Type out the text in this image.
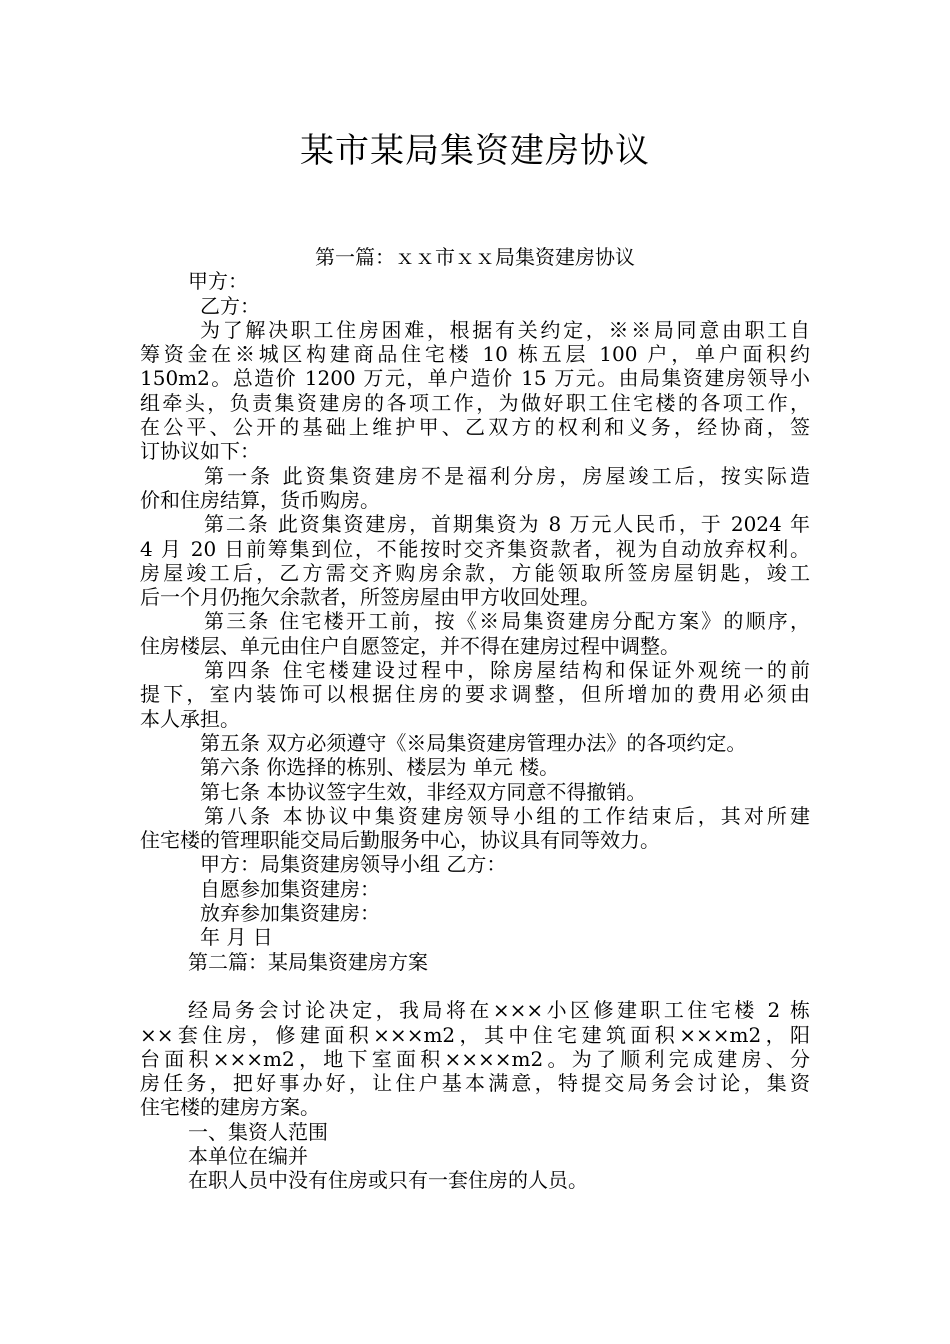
某市某局集资建房协议
第一篇：ｘｘ市ｘｘ局集资建房协议
甲方：
乙方：
为了解决职工住房困难，根据有关约定，※※局同意由职工自
筹资金在※城区构建商品住宅楼 10 栋五层 100 户，单户面积约
150m2。总造价 1200 万元，单户造价 15 万元。由局集资建房领导小
组牵头，负责集资建房的各项工作，为做好职工住宅楼的各项工作，
在公平、公开的基础上维护甲、乙双方的权利和义务，经协商，签
订协议如下：
第一条 此资集资建房不是福利分房，房屋竣工后，按实际造
价和住房结算，货币购房。
第二条 此资集资建房，首期集资为 8 万元人民币，于 2024 年
4 月 20 日前筹集到位，不能按时交齐集资款者，视为自动放弃权利。
房屋竣工后，乙方需交齐购房余款，方能领取所签房屋钥匙，竣工
后一个月仍拖欠余款者，所签房屋由甲方收回处理。
第三条 住宅楼开工前，按《※局集资建房分配方案》的顺序，
住房楼层、单元由住户自愿签定，并不得在建房过程中调整。
第四条 住宅楼建设过程中，除房屋结构和保证外观统一的前
提下，室内装饰可以根据住房的要求调整，但所增加的费用必须由
本人承担。
第五条 双方必须遵守《※局集资建房管理办法》的各项约定。
第六条 你选择的栋别、楼层为 单元 楼。
第七条 本协议签字生效，非经双方同意不得撤销。
第八条 本协议中集资建房领导小组的工作结束后，其对所建
住宅楼的管理职能交局后勤服务中心，协议具有同等效力。
甲方：局集资建房领导小组 乙方：
自愿参加集资建房：
放弃参加集资建房：
年 月 日
第二篇：某局集资建房方案
经局务会讨论决定，我局将在×××小区修建职工住宅楼 2 栋
××套住房，修建面积×××m2，其中住宅建筑面积×××m2，阳
台面积×××m2，地下室面积××××m2。为了顺利完成建房、分
房任务，把好事办好，让住户基本满意，特提交局务会讨论，集资
住宅楼的建房方案。
一、集资人范围
本单位在编并
在职人员中没有住房或只有一套住房的人员。
